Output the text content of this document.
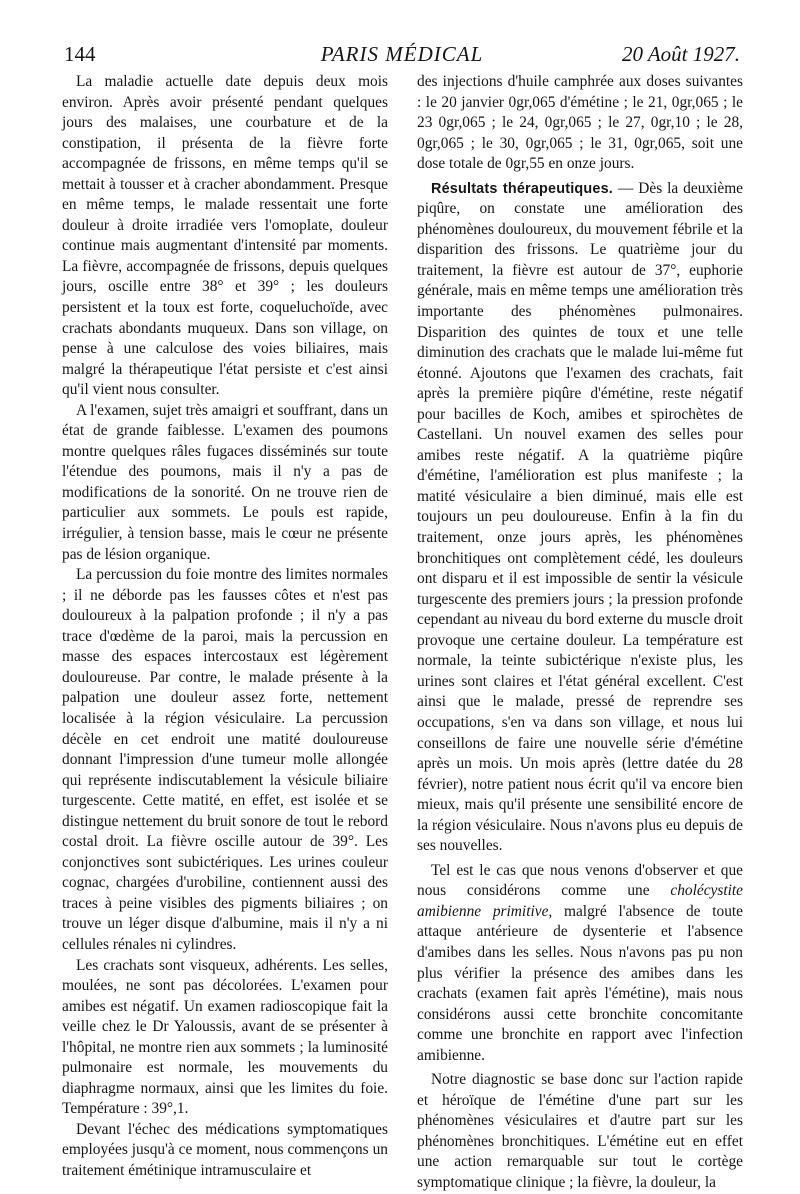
144	PARIS MÉDICAL	20 Août 1927.

La maladie actuelle date depuis deux mois environ. Après avoir présenté pendant quelques jours des malaises, une courbature et de la constipation, il présenta de la fièvre forte accompagnée de frissons, en même temps qu'il se mettait à tousser et à cracher abondamment. Presque en même temps, le malade ressentait une forte douleur à droite irradiée vers l'omoplate, douleur continue mais augmentant d'intensité par moments. La fièvre, accompagnée de frissons, depuis quelques jours, oscille entre 38° et 39° ; les douleurs persistent et la toux est forte, coqueluchoïde, avec crachats abondants muqueux. Dans son village, on pense à une calculose des voies biliaires, mais malgré la thérapeutique l'état persiste et c'est ainsi qu'il vient nous consulter.

A l'examen, sujet très amaigri et souffrant, dans un état de grande faiblesse. L'examen des poumons montre quelques râles fugaces disséminés sur toute l'étendue des poumons, mais il n'y a pas de modifications de la sonorité. On ne trouve rien de particulier aux sommets. Le pouls est rapide, irrégulier, à tension basse, mais le cœur ne présente pas de lésion organique.

La percussion du foie montre des limites normales ; il ne déborde pas les fausses côtes et n'est pas douloureux à la palpation profonde ; il n'y a pas trace d'œdème de la paroi, mais la percussion en masse des espaces intercostaux est légèrement douloureuse. Par contre, le malade présente à la palpation une douleur assez forte, nettement localisée à la région vésiculaire. La percussion décèle en cet endroit une matité douloureuse donnant l'impression d'une tumeur molle allongée qui représente indiscutablement la vésicule biliaire turgescente. Cette matité, en effet, est isolée et se distingue nettement du bruit sonore de tout le rebord costal droit. La fièvre oscille autour de 39°. Les conjonctives sont subictériques. Les urines couleur cognac, chargées d'urobiline, contiennent aussi des traces à peine visibles des pigments biliaires ; on trouve un léger disque d'albumine, mais il n'y a ni cellules rénales ni cylindres.

Les crachats sont visqueux, adhérents. Les selles, moulées, ne sont pas décolorées. L'examen pour amibes est négatif. Un examen radioscopique fait la veille chez le Dr Yaloussis, avant de se présenter à l'hôpital, ne montre rien aux sommets ; la luminosité pulmonaire est normale, les mouvements du diaphragme normaux, ainsi que les limites du foie. Température : 39°,1.

Devant l'échec des médications symptomatiques employées jusqu'à ce moment, nous commençons un traitement émétinique intramusculaire et

des injections d'huile camphrée aux doses suivantes : le 20 janvier 0gr,065 d'émétine ; le 21, 0gr,065 ; le 23 0gr,065 ; le 24, 0gr,065 ; le 27, 0gr,10 ; le 28, 0gr,065 ; le 30, 0gr,065 ; le 31, 0gr,065, soit une dose totale de 0gr,55 en onze jours.

Résultats thérapeutiques. — Dès la deuxième piqûre, on constate une amélioration des phénomènes douloureux, du mouvement fébrile et la disparition des frissons. Le quatrième jour du traitement, la fièvre est autour de 37°, euphorie générale, mais en même temps une amélioration très importante des phénomènes pulmonaires. Disparition des quintes de toux et une telle diminution des crachats que le malade lui-même fut étonné. Ajoutons que l'examen des crachats, fait après la première piqûre d'émétine, reste négatif pour bacilles de Koch, amibes et spirochètes de Castellani. Un nouvel examen des selles pour amibes reste négatif. A la quatrième piqûre d'émétine, l'amélioration est plus manifeste ; la matité vésiculaire a bien diminué, mais elle est toujours un peu douloureuse. Enfin à la fin du traitement, onze jours après, les phénomènes bronchitiques ont complètement cédé, les douleurs ont disparu et il est impossible de sentir la vésicule turgescente des premiers jours ; la pression profonde cependant au niveau du bord externe du muscle droit provoque une certaine douleur. La température est normale, la teinte subictérique n'existe plus, les urines sont claires et l'état général excellent. C'est ainsi que le malade, pressé de reprendre ses occupations, s'en va dans son village, et nous lui conseillons de faire une nouvelle série d'émétine après un mois. Un mois après (lettre datée du 28 février), notre patient nous écrit qu'il va encore bien mieux, mais qu'il présente une sensibilité encore de la région vésiculaire. Nous n'avons plus eu depuis de ses nouvelles.

Tel est le cas que nous venons d'observer et que nous considérons comme une cholécystite amibienne primitive, malgré l'absence de toute attaque antérieure de dysenterie et l'absence d'amibes dans les selles. Nous n'avons pas pu non plus vérifier la présence des amibes dans les crachats (examen fait après l'émétine), mais nous considérons aussi cette bronchite concomitante comme une bronchite en rapport avec l'infection amibienne.

Notre diagnostic se base donc sur l'action rapide et héroïque de l'émétine d'une part sur les phénomènes vésiculaires et d'autre part sur les phénomènes bronchitiques. L'émétine eut en effet une action remarquable sur tout le cortège symptomatique clinique ; la fièvre, la douleur, la
